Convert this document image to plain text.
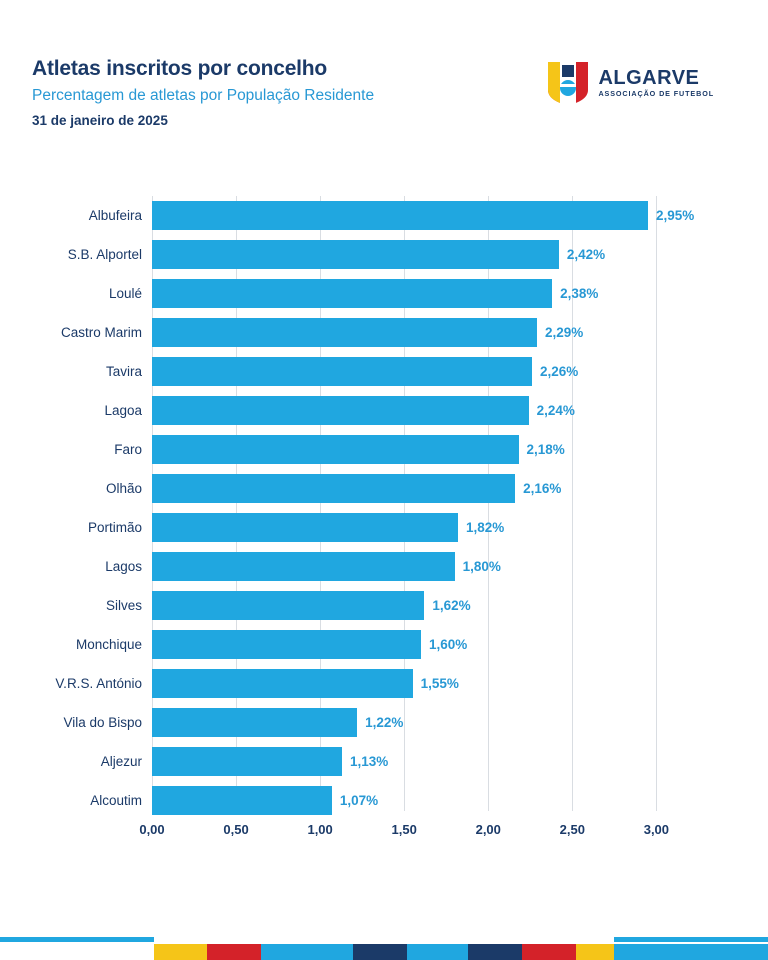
Atletas inscritos por concelho

Percentagem de atletas por População Residente

31 de janeiro de 2025

ALGARVE
ASSOCIAÇÃO DE FUTEBOL
Albufeira	2,95%
S.B. Alportel	2,42%
Loulé	2,38%
Castro Marim	2,29%
Tavira	2,26%
Lagoa	2,24%
Faro	2,18%
Olhão	2,16%
Portimão	1,82%
Lagos	1,80%
Silves	1,62%
Monchique	1,60%
V.R.S. António	1,55%
Vila do Bispo	1,22%
Aljezur	1,13%
Alcoutim	1,07%
0,00	0,50	1,00	1,50	2,00	2,50	3,00
